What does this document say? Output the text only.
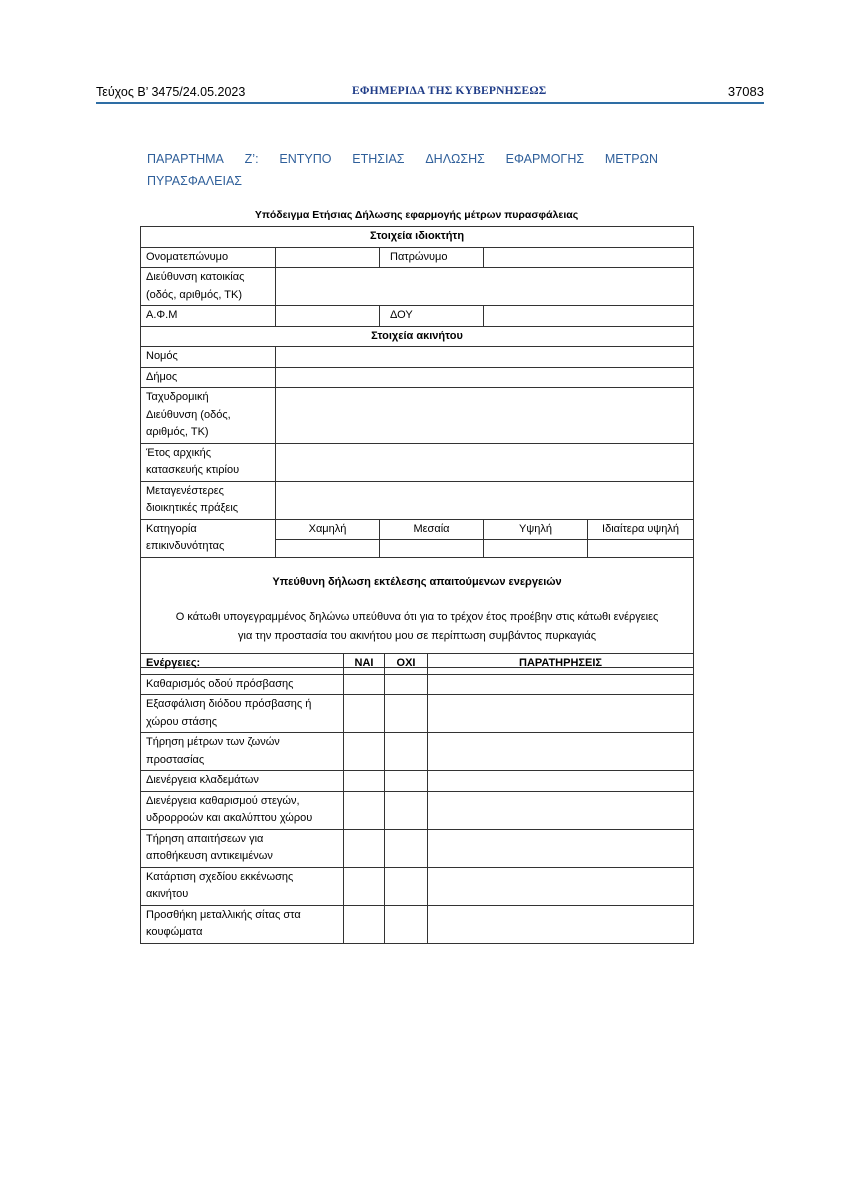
Τεύχος Β’ 3475/24.05.2023	ΕΦΗΜΕΡΙΔΑ ΤΗΣ ΚΥΒΕΡΝΗΣΕΩΣ	37083
ΠΑΡΑΡΤΗΜΑ Ζ’: ΕΝΤΥΠΟ ΕΤΗΣΙΑΣ ΔΗΛΩΣΗΣ ΕΦΑΡΜΟΓΗΣ ΜΕΤΡΩΝ
ΠΥΡΑΣΦΑΛΕΙΑΣ
Υπόδειγμα Ετήσιας Δήλωσης εφαρμογής μέτρων πυρασφάλειας
Στοιχεία ιδιοκτήτη				
Ονοματεπώνυμο		Πατρώνυμο		

Διεύθυνση κατοικίας
(οδός, αριθμός, ΤΚ)				

Α.Φ.Μ		ΔΟΥ		
Στοιχεία ακινήτου				
Νομός				
Δήμος				

Ταχυδρομική
Διεύθυνση (οδός,
αριθμός, ΤΚ)				

Έτος αρχικής
κατασκευής κτιρίου				

Μεταγενέστερες
διοικητικές πράξεις				

Κατηγορία
επικινδυνότητας	Χαμηλή	Μεσαία	Υψηλή	Ιδιαίτερα υψηλή

Υπεύθυνη δήλωση εκτέλεσης απαιτούμενων ενεργειών
Ο κάτωθι υπογεγραμμένος δηλώνω υπεύθυνα ότι για το τρέχον έτος προέβην στις κάτωθι ενέργειες
για την προστασία του ακινήτου μου σε περίπτωση συμβάντος πυρκαγιάς				
Ενέργειες:	ΝΑΙ	ΟΧΙ	ΠΑΡΑΤΗΡΗΣΕΙΣ

Καθαρισμός οδού πρόσβασης			

Εξασφάλιση διόδου πρόσβασης ή
χώρου στάσης			

Τήρηση μέτρων των ζωνών
προστασίας			

Διενέργεια κλαδεμάτων			

Διενέργεια καθαρισμού στεγών,
υδρορροών και ακαλύπτου χώρου			

Τήρηση απαιτήσεων για
αποθήκευση αντικειμένων			

Κατάρτιση σχεδίου εκκένωσης
ακινήτου			

Προσθήκη μεταλλικής σίτας στα
κουφώματα			
